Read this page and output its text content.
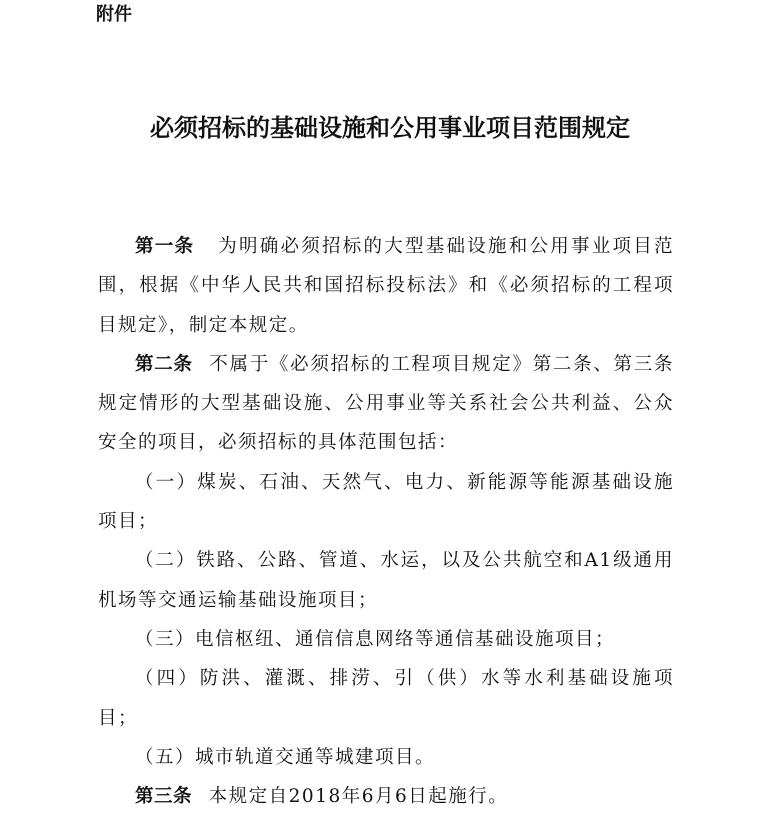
附件
必须招标的基础设施和公用事业项目范围规定

第一条 为明确必须招标的大型基础设施和公用事业项目范围，根据《中华人民共和国招标投标法》和《必须招标的工程项目规定》，制定本规定。

第二条 不属于《必须招标的工程项目规定》第二条、第三条规定情形的大型基础设施、公用事业等关系社会公共利益、公众安全的项目，必须招标的具体范围包括：

（一）煤炭、石油、天然气、电力、新能源等能源基础设施项目；

（二）铁路、公路、管道、水运，以及公共航空和A1级通用机场等交通运输基础设施项目；

（三）电信枢纽、通信信息网络等通信基础设施项目；

（四）防洪、灌溉、排涝、引（供）水等水利基础设施项目；

（五）城市轨道交通等城建项目。

第三条 本规定自2018年6月6日起施行。
